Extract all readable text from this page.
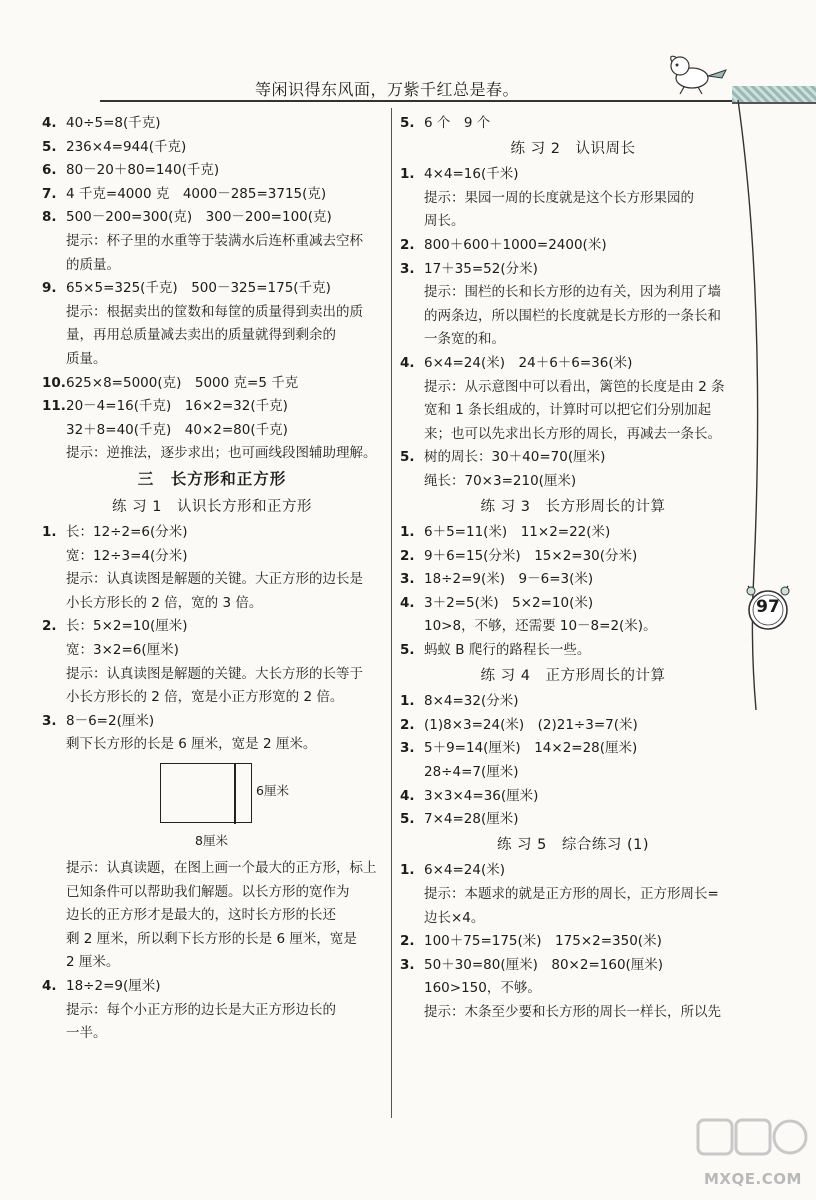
等闲识得东风面，万紫千红总是春。
97
4. 40÷5=8(千克)
5. 236×4=944(千克)
6. 80－20＋80=140(千克)
7. 4 千克=4000 克　4000－285=3715(克)
8. 500－200=300(克)　300－200=100(克)
提示：杯子里的水重等于装满水后连杯重减去空杯
的质量。
9. 65×5=325(千克)　500－325=175(千克)
提示：根据卖出的筐数和每筐的质量得到卖出的质
量，再用总质量减去卖出的质量就得到剩余的
质量。
10. 625×8=5000(克)　5000 克=5 千克
11. 20－4=16(千克)　16×2=32(千克)
32＋8=40(千克)　40×2=80(千克)
提示：逆推法，逐步求出；也可画线段图辅助理解。
三　长方形和正方形
练 习 1　认识长方形和正方形
1. 长：12÷2=6(分米)
宽：12÷3=4(分米)
提示：认真读图是解题的关键。大正方形的边长是
小长方形长的 2 倍，宽的 3 倍。
2. 长：5×2=10(厘米)
宽：3×2=6(厘米)
提示：认真读图是解题的关键。大长方形的长等于
小长方形长的 2 倍，宽是小正方形宽的 2 倍。
3. 8－6=2(厘米)
剩下长方形的长是 6 厘米，宽是 2 厘米。
6厘米
8厘米
提示：认真读题，在图上画一个最大的正方形，标上
已知条件可以帮助我们解题。以长方形的宽作为
边长的正方形才是最大的，这时长方形的长还
剩 2 厘米，所以剩下长方形的长是 6 厘米，宽是
2 厘米。
4. 18÷2=9(厘米)
提示：每个小正方形的边长是大正方形边长的
一半。
5. 6 个　9 个
练 习 2　认识周长
1. 4×4=16(千米)
提示：果园一周的长度就是这个长方形果园的
周长。
2. 800＋600＋1000=2400(米)
3. 17＋35=52(分米)
提示：围栏的长和长方形的边有关，因为利用了墙
的两条边，所以围栏的长度就是长方形的一条长和
一条宽的和。
4. 6×4=24(米)　24＋6＋6=36(米)
提示：从示意图中可以看出，篱笆的长度是由 2 条
宽和 1 条长组成的，计算时可以把它们分别加起
来；也可以先求出长方形的周长，再减去一条长。
5. 树的周长：30＋40=70(厘米)
绳长：70×3=210(厘米)
练 习 3　长方形周长的计算
1. 6＋5=11(米)　11×2=22(米)
2. 9＋6=15(分米)　15×2=30(分米)
3. 18÷2=9(米)　9－6=3(米)
4. 3＋2=5(米)　5×2=10(米)
10>8，不够，还需要 10－8=2(米)。
5. 蚂蚁 B 爬行的路程长一些。
练 习 4　正方形周长的计算
1. 8×4=32(分米)
2. (1)8×3=24(米)　(2)21÷3=7(米)
3. 5＋9=14(厘米)　14×2=28(厘米)
28÷4=7(厘米)
4. 3×3×4=36(厘米)
5. 7×4=28(厘米)
练 习 5　综合练习 (1)
1. 6×4=24(米)
提示：本题求的就是正方形的周长，正方形周长=
边长×4。
2. 100＋75=175(米)　175×2=350(米)
3. 50＋30=80(厘米)　80×2=160(厘米)
160>150，不够。
提示：木条至少要和长方形的周长一样长，所以先
MXQE.COM
